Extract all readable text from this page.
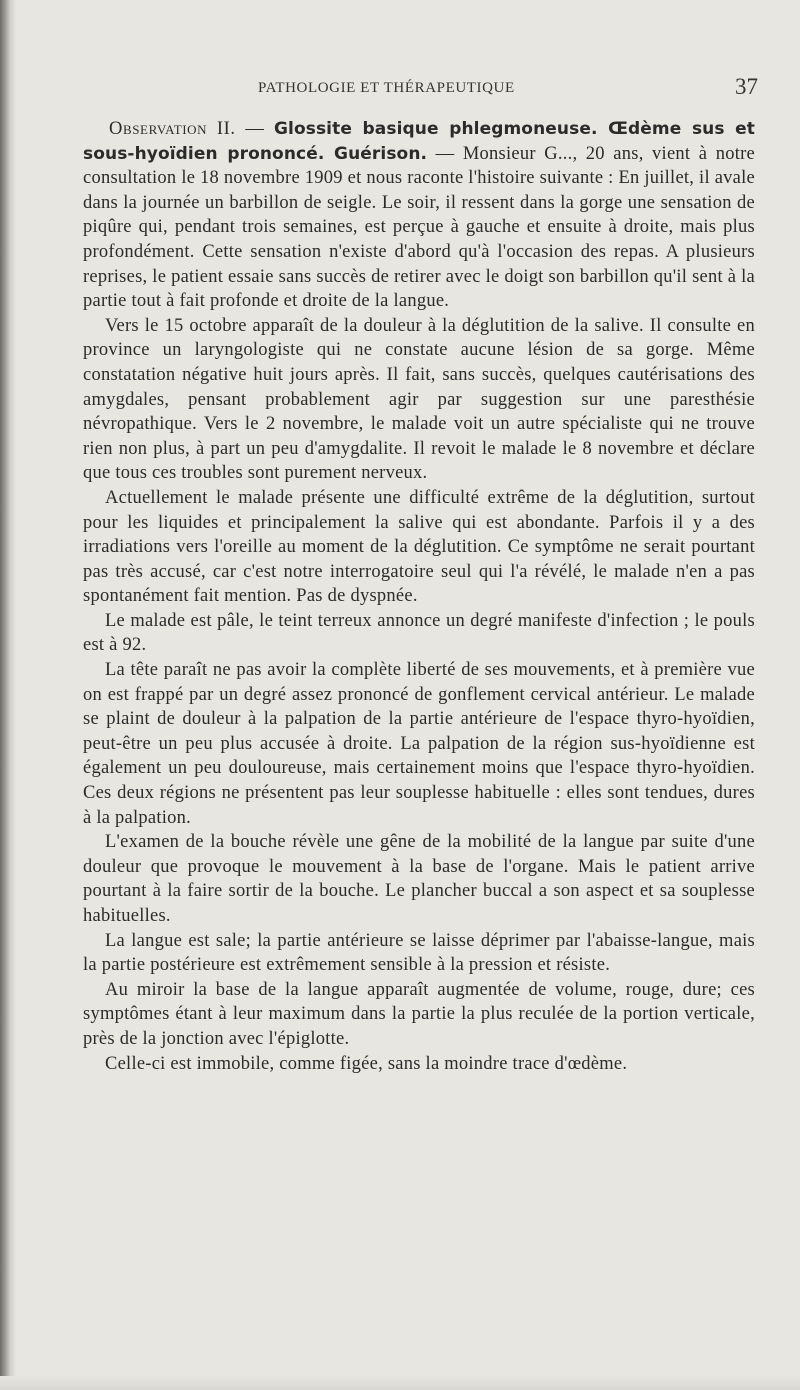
PATHOLOGIE ET THÉRAPEUTIQUE	37

Observation II. — Glossite basique phlegmoneuse. Œdème sus et sous-hyoïdien prononcé. Guérison. — Monsieur G..., 20 ans, vient à notre consultation le 18 novembre 1909 et nous raconte l'histoire suivante : En juillet, il avale dans la journée un barbillon de seigle. Le soir, il ressent dans la gorge une sensation de piqûre qui, pendant trois semaines, est perçue à gauche et ensuite à droite, mais plus profondément. Cette sensation n'existe d'abord qu'à l'occasion des repas. A plusieurs reprises, le patient essaie sans succès de retirer avec le doigt son barbillon qu'il sent à la partie tout à fait profonde et droite de la langue.

Vers le 15 octobre apparaît de la douleur à la déglutition de la salive. Il consulte en province un laryngologiste qui ne constate aucune lésion de sa gorge. Même constatation négative huit jours après. Il fait, sans succès, quelques cautérisations des amygdales, pensant probablement agir par suggestion sur une paresthésie névropathique. Vers le 2 novembre, le malade voit un autre spécialiste qui ne trouve rien non plus, à part un peu d'amygdalite. Il revoit le malade le 8 novembre et déclare que tous ces troubles sont purement nerveux.

Actuellement le malade présente une difficulté extrême de la déglutition, surtout pour les liquides et principalement la salive qui est abondante. Parfois il y a des irradiations vers l'oreille au moment de la déglutition. Ce symptôme ne serait pourtant pas très accusé, car c'est notre interrogatoire seul qui l'a révélé, le malade n'en a pas spontanément fait mention. Pas de dyspnée.

Le malade est pâle, le teint terreux annonce un degré manifeste d'infection ; le pouls est à 92.

La tête paraît ne pas avoir la complète liberté de ses mouvements, et à première vue on est frappé par un degré assez prononcé de gonflement cervical antérieur. Le malade se plaint de douleur à la palpation de la partie antérieure de l'espace thyro-hyoïdien, peut-être un peu plus accusée à droite. La palpation de la région sus-hyoïdienne est également un peu douloureuse, mais certainement moins que l'espace thyro-hyoïdien. Ces deux régions ne présentent pas leur souplesse habituelle : elles sont tendues, dures à la palpation.

L'examen de la bouche révèle une gêne de la mobilité de la langue par suite d'une douleur que provoque le mouvement à la base de l'organe. Mais le patient arrive pourtant à la faire sortir de la bouche. Le plancher buccal a son aspect et sa souplesse habituelles.

La langue est sale; la partie antérieure se laisse déprimer par l'abaisse-langue, mais la partie postérieure est extrêmement sensible à la pression et résiste.

Au miroir la base de la langue apparaît augmentée de volume, rouge, dure; ces symptômes étant à leur maximum dans la partie la plus reculée de la portion verticale, près de la jonction avec l'épiglotte.

Celle-ci est immobile, comme figée, sans la moindre trace d'œdème.
